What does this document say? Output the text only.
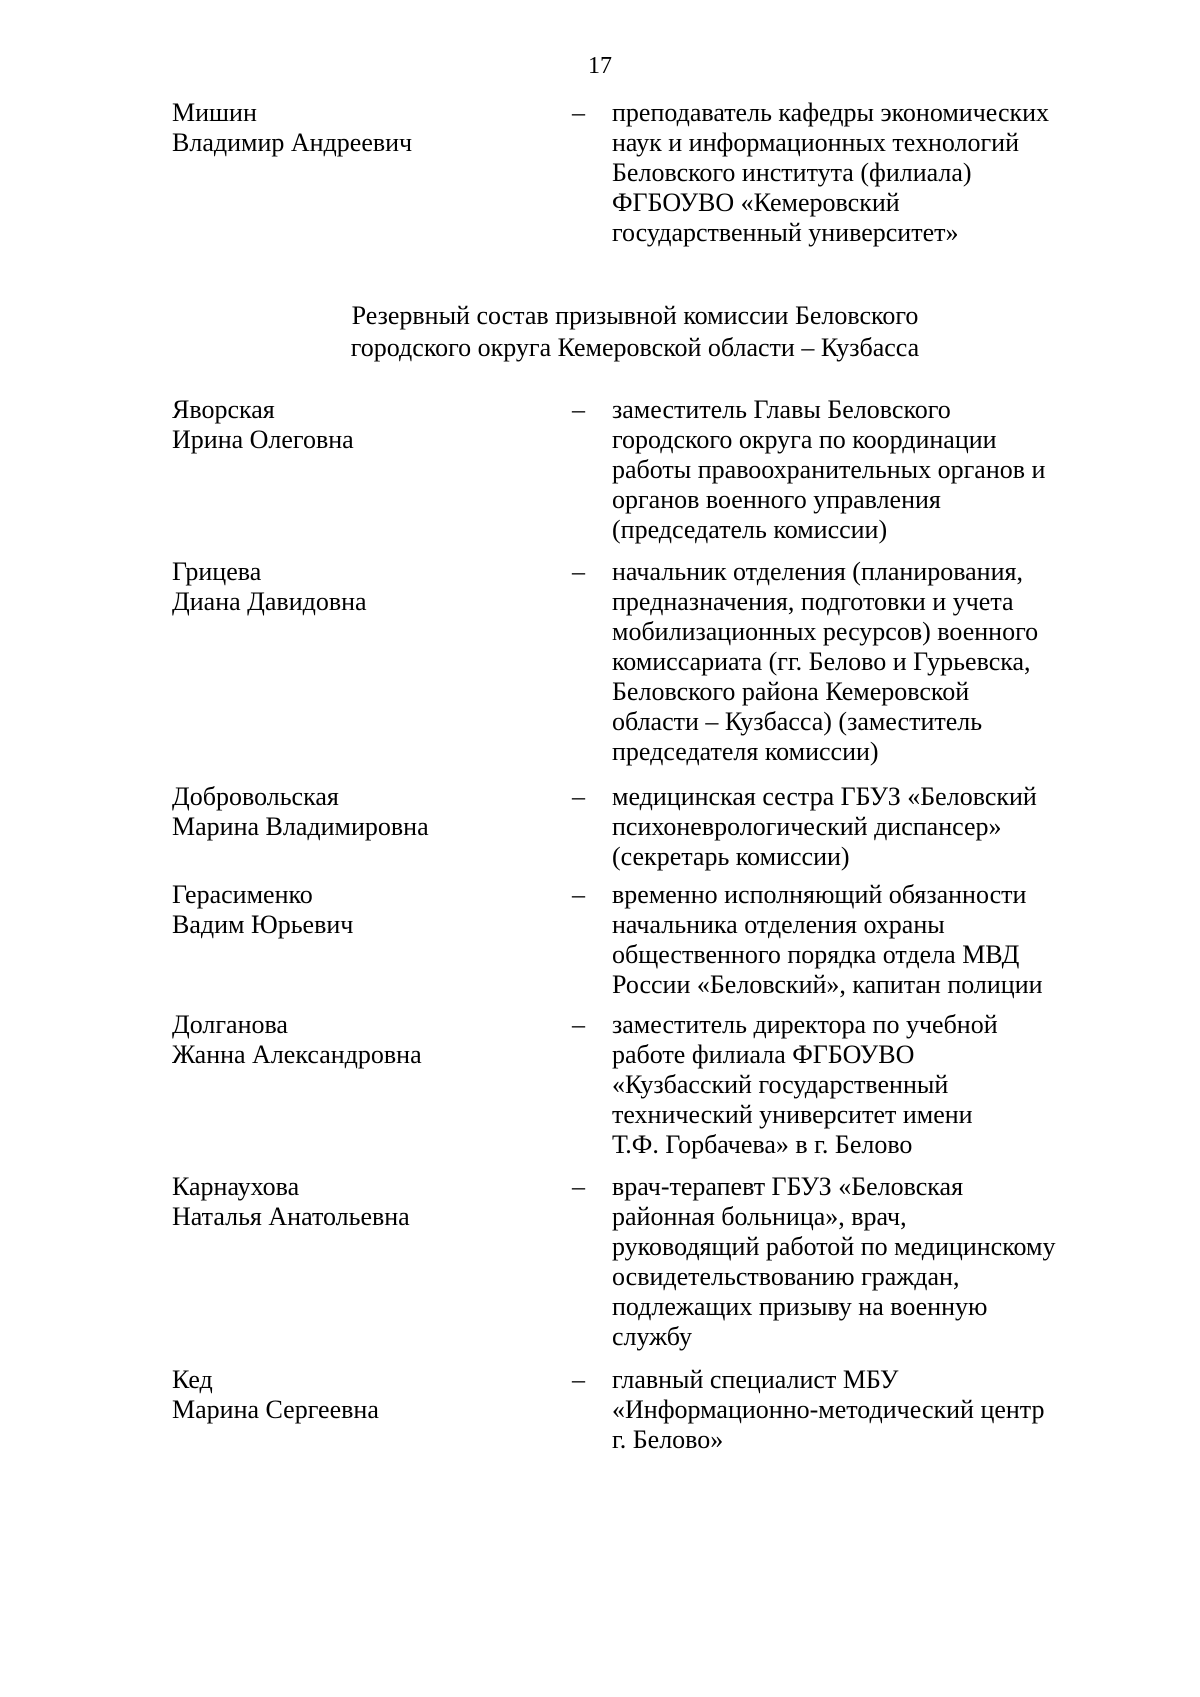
17
Мишин
Владимир Андреевич
– преподаватель кафедры экономических
наук и информационных технологий
Беловского института (филиала)
ФГБОУВО «Кемеровский
государственный университет»
Резервный состав призывной комиссии Беловского
городского округа Кемеровской области – Кузбасса
Яворская
Ирина Олеговна
– заместитель Главы Беловского
городского округа по координации
работы правоохранительных органов и
органов военного управления
(председатель комиссии)
Грицева
Диана Давидовна
– начальник отделения (планирования,
предназначения, подготовки и учета
мобилизационных ресурсов) военного
комиссариата (гг. Белово и Гурьевска,
Беловского района Кемеровской
области – Кузбасса) (заместитель
председателя комиссии)
Добровольская
Марина Владимировна
– медицинская сестра ГБУЗ «Беловский
психоневрологический диспансер»
(секретарь комиссии)
Герасименко
Вадим Юрьевич
– временно исполняющий обязанности
начальника отделения охраны
общественного порядка отдела МВД
России «Беловский», капитан полиции
Долганова
Жанна Александровна
– заместитель директора по учебной
работе филиала ФГБОУВО
«Кузбасский государственный
технический университет имени
Т.Ф. Горбачева» в г. Белово
Карнаухова
Наталья Анатольевна
– врач-терапевт ГБУЗ «Беловская
районная больница», врач,
руководящий работой по медицинскому
освидетельствованию граждан,
подлежащих призыву на военную
службу
Кед
Марина Сергеевна
– главный специалист МБУ
«Информационно-методический центр
г. Белово»
